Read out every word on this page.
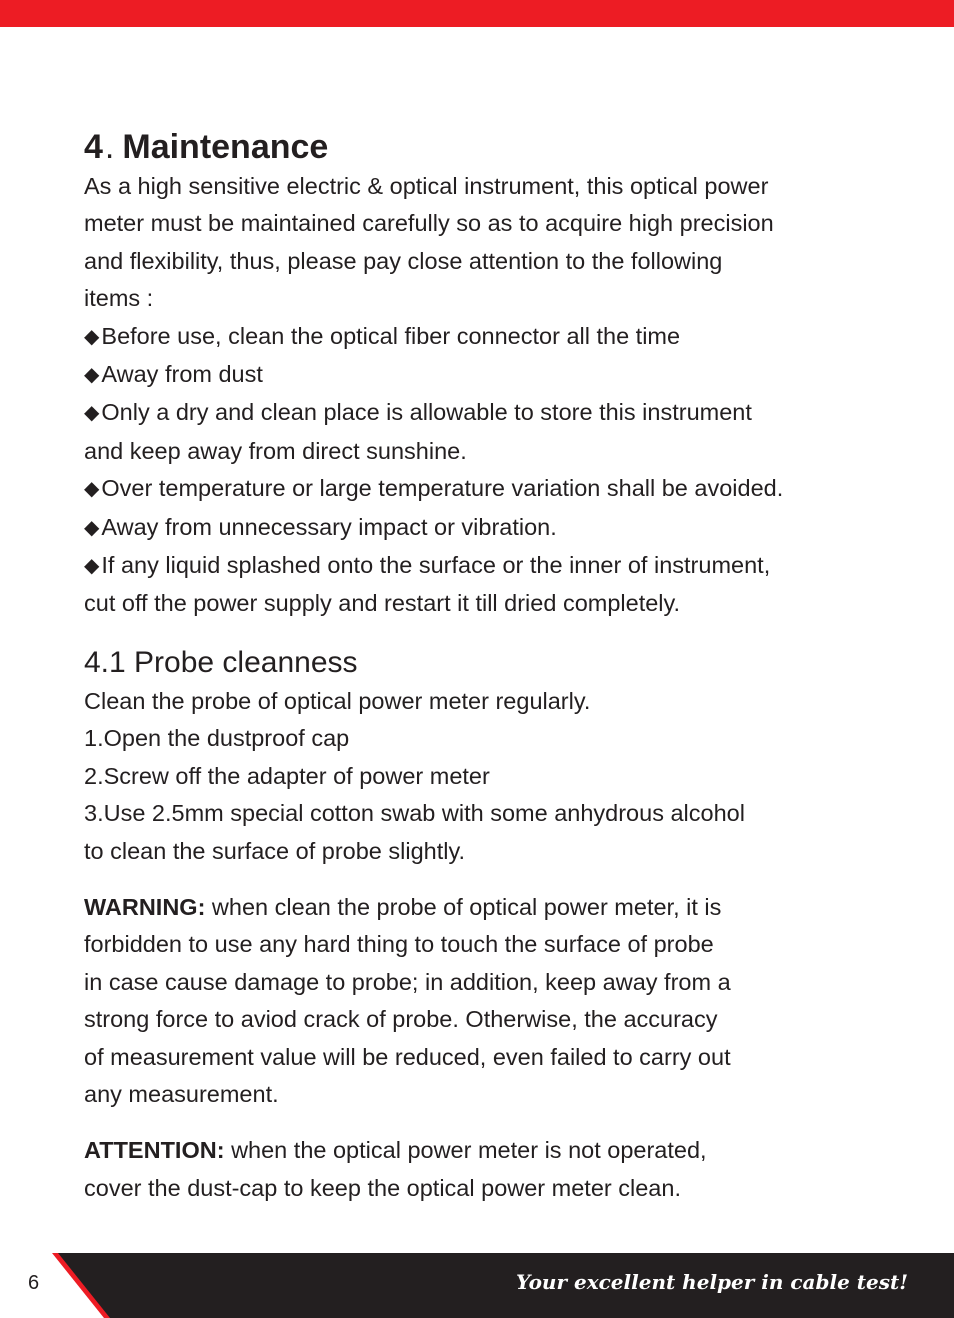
4. Maintenance

As a high sensitive electric & optical instrument, this optical power

meter must be maintained carefully so as to acquire high precision

and flexibility, thus, please pay close attention to the following

items :

◆Before use, clean the optical fiber connector all the time

◆Away from dust

◆Only a dry and clean place is allowable to store this instrument

and keep away from direct sunshine.

◆Over temperature or large temperature variation shall be avoided.

◆Away from unnecessary impact or vibration.

◆If any liquid splashed onto the surface or the inner of instrument,

cut off the power supply and restart it till dried completely.

4.1 Probe cleanness

Clean the probe of optical power meter regularly.

1.Open the dustproof cap

2.Screw off the adapter of power meter

3.Use 2.5mm special cotton swab with some anhydrous alcohol

to clean the surface of probe slightly.

WARNING: when clean the probe of optical power meter, it is

forbidden to use any hard thing to touch the surface of probe

in case cause damage to probe; in addition, keep away from a

strong force to aviod crack of probe. Otherwise, the accuracy

of measurement value will be reduced, even failed to carry out

any measurement.

ATTENTION: when the optical power meter is not operated,

cover the dust-cap to keep the optical power meter clean.

6	Your excellent helper in cable test!
